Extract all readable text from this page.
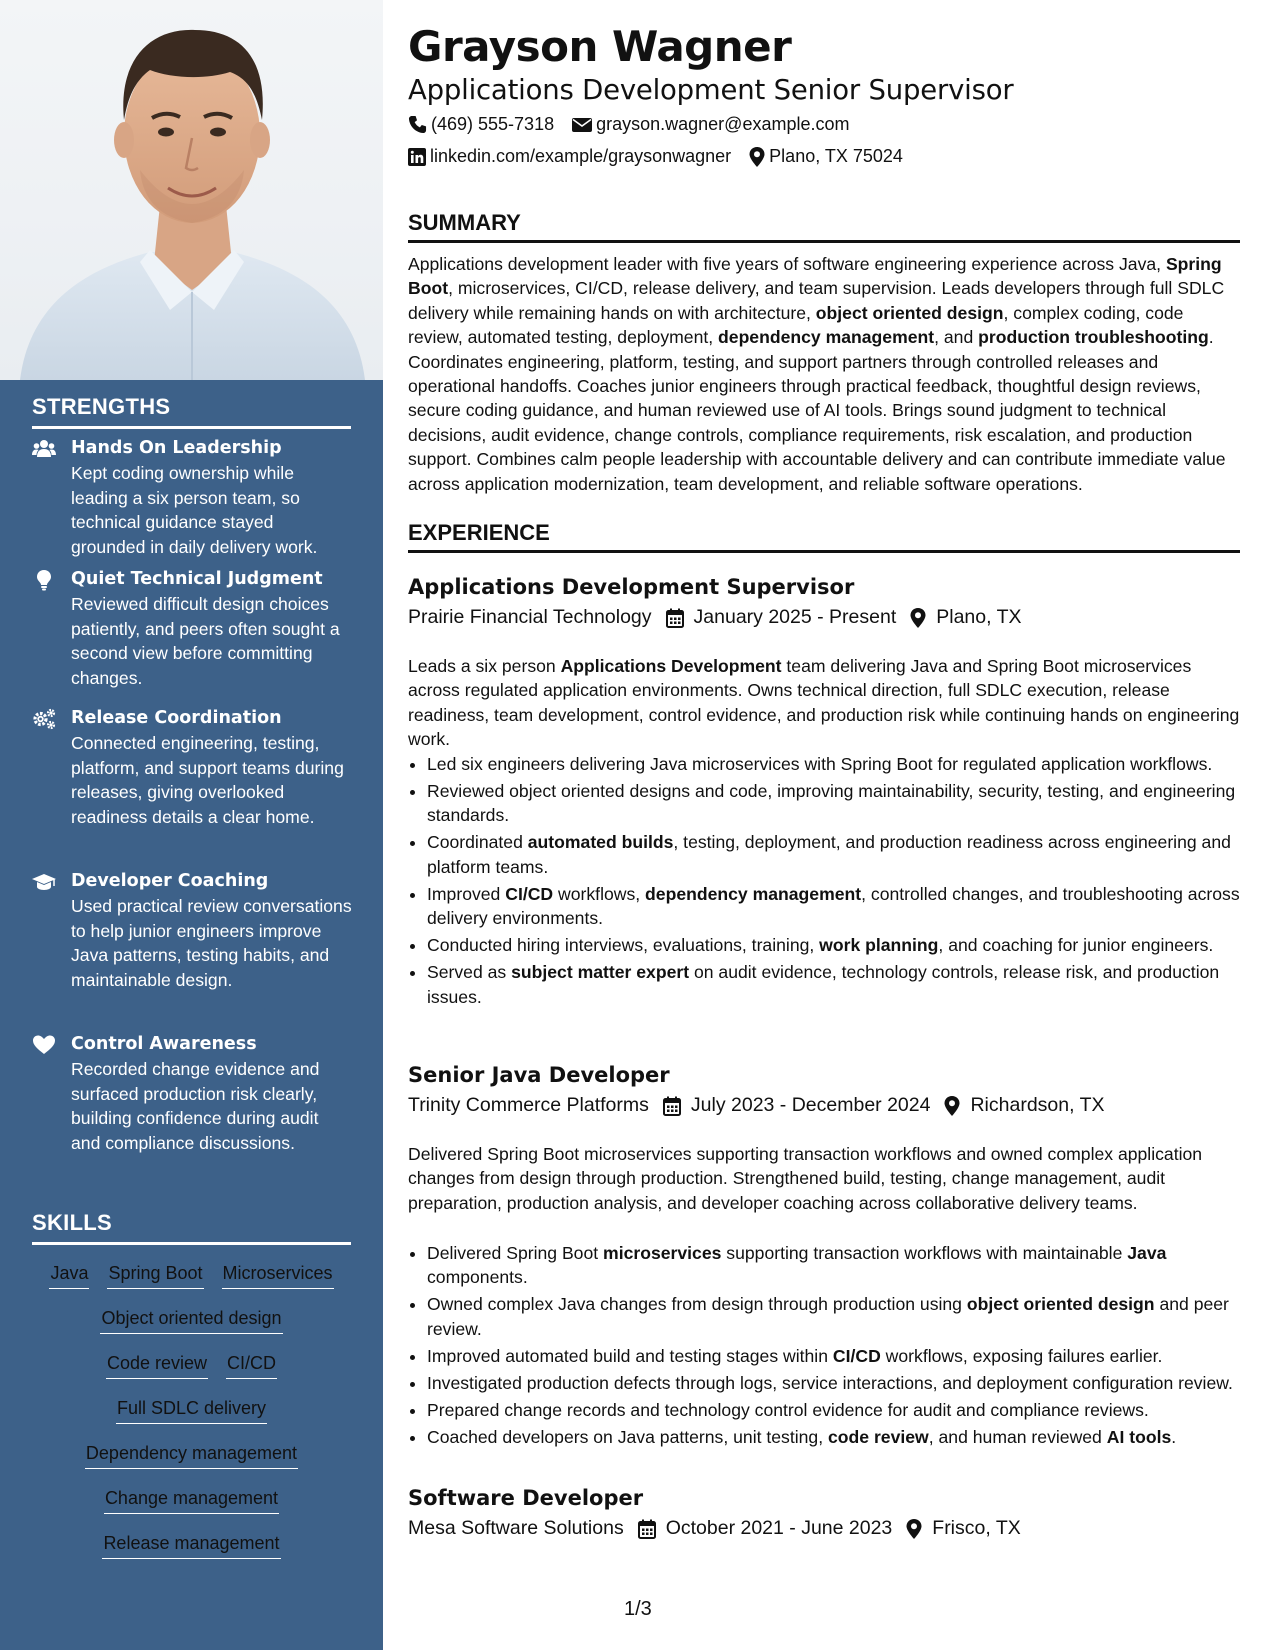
STRENGTHS
Hands On Leadership
Kept coding ownership while leading a six person team, so technical guidance stayed grounded in daily delivery work.
Quiet Technical Judgment
Reviewed difficult design choices patiently, and peers often sought a second view before committing changes.
Release Coordination
Connected engineering, testing, platform, and support teams during releases, giving overlooked readiness details a clear home.
Developer Coaching
Used practical review conversations to help junior engineers improve Java patterns, testing habits, and maintainable design.
Control Awareness
Recorded change evidence and surfaced production risk clearly, building confidence during audit and compliance discussions.
SKILLS
Java Spring Boot Microservices
Object oriented design
Code review CI/CD
Full SDLC delivery
Dependency management
Change management
Release management
Grayson Wagner
Applications Development Senior Supervisor
(469) 555-7318 grayson.wagner@example.com
linkedin.com/example/graysonwagner Plano, TX 75024
SUMMARY
Applications development leader with five years of software engineering experience across Java, Spring Boot, microservices, CI/CD, release delivery, and team supervision. Leads developers through full SDLC delivery while remaining hands on with architecture, object oriented design, complex coding, code review, automated testing, deployment, dependency management, and production troubleshooting. Coordinates engineering, platform, testing, and support partners through controlled releases and operational handoffs. Coaches junior engineers through practical feedback, thoughtful design reviews, secure coding guidance, and human reviewed use of AI tools. Brings sound judgment to technical decisions, audit evidence, change controls, compliance requirements, risk escalation, and production support. Combines calm people leadership with accountable delivery and can contribute immediate value across application modernization, team development, and reliable software operations.
EXPERIENCE
Applications Development Supervisor
Prairie Financial Technology January 2025 - Present Plano, TX
Leads a six person Applications Development team delivering Java and Spring Boot microservices across regulated application environments. Owns technical direction, full SDLC execution, release readiness, team development, control evidence, and production risk while continuing hands on engineering work.
• Led six engineers delivering Java microservices with Spring Boot for regulated application workflows.
• Reviewed object oriented designs and code, improving maintainability, security, testing, and engineering standards.
• Coordinated automated builds, testing, deployment, and production readiness across engineering and platform teams.
• Improved CI/CD workflows, dependency management, controlled changes, and troubleshooting across delivery environments.
• Conducted hiring interviews, evaluations, training, work planning, and coaching for junior engineers.
• Served as subject matter expert on audit evidence, technology controls, release risk, and production issues.
Senior Java Developer
Trinity Commerce Platforms July 2023 - December 2024 Richardson, TX
Delivered Spring Boot microservices supporting transaction workflows and owned complex application changes from design through production. Strengthened build, testing, change management, audit preparation, production analysis, and developer coaching across collaborative delivery teams.
• Delivered Spring Boot microservices supporting transaction workflows with maintainable Java components.
• Owned complex Java changes from design through production using object oriented design and peer review.
• Improved automated build and testing stages within CI/CD workflows, exposing failures earlier.
• Investigated production defects through logs, service interactions, and deployment configuration review.
• Prepared change records and technology control evidence for audit and compliance reviews.
• Coached developers on Java patterns, unit testing, code review, and human reviewed AI tools.
Software Developer
Mesa Software Solutions October 2021 - June 2023 Frisco, TX
1/3
